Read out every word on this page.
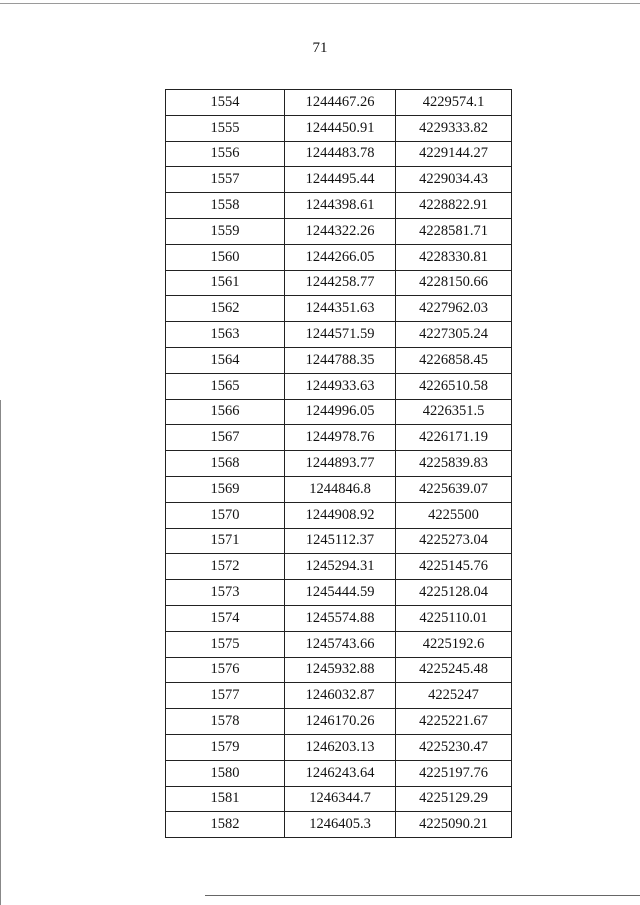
71
1554	1244467.26	4229574.1
1555	1244450.91	4229333.82
1556	1244483.78	4229144.27
1557	1244495.44	4229034.43
1558	1244398.61	4228822.91
1559	1244322.26	4228581.71
1560	1244266.05	4228330.81
1561	1244258.77	4228150.66
1562	1244351.63	4227962.03
1563	1244571.59	4227305.24
1564	1244788.35	4226858.45
1565	1244933.63	4226510.58
1566	1244996.05	4226351.5
1567	1244978.76	4226171.19
1568	1244893.77	4225839.83
1569	1244846.8	4225639.07
1570	1244908.92	4225500
1571	1245112.37	4225273.04
1572	1245294.31	4225145.76
1573	1245444.59	4225128.04
1574	1245574.88	4225110.01
1575	1245743.66	4225192.6
1576	1245932.88	4225245.48
1577	1246032.87	4225247
1578	1246170.26	4225221.67
1579	1246203.13	4225230.47
1580	1246243.64	4225197.76
1581	1246344.7	4225129.29
1582	1246405.3	4225090.21
